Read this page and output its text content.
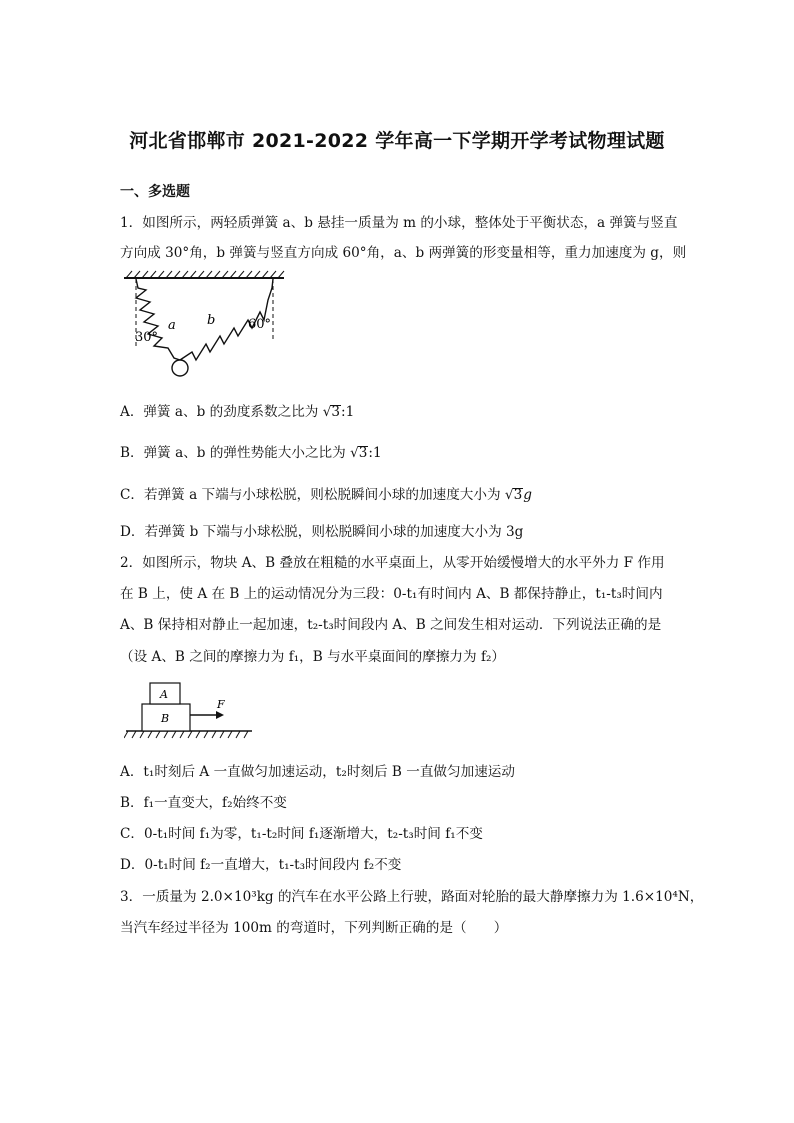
河北省邯郸市 2021-2022 学年高一下学期开学考试物理试题
一、多选题
1．如图所示，两轻质弹簧 a、b 悬挂一质量为 m 的小球，整体处于平衡状态，a 弹簧与竖直
方向成 30°角，b 弹簧与竖直方向成 60°角，a、b 两弹簧的形变量相等，重力加速度为 g，则
a b
30°
60°
A．弹簧 a、b 的劲度系数之比为 √3:1
B．弹簧 a、b 的弹性势能大小之比为 √3:1
C．若弹簧 a 下端与小球松脱，则松脱瞬间小球的加速度大小为 √3g
D．若弹簧 b 下端与小球松脱，则松脱瞬间小球的加速度大小为 3g
2．如图所示，物块 A、B 叠放在粗糙的水平桌面上，从零开始缓慢增大的水平外力 F 作用
在 B 上，使 A 在 B 上的运动情况分为三段：0-t₁有时间内 A、B 都保持静止，t₁-t₃时间内
A、B 保持相对静止一起加速，t₂-t₃时间段内 A、B 之间发生相对运动．下列说法正确的是
（设 A、B 之间的摩擦力为 f₁，B 与水平桌面间的摩擦力为 f₂）
A
B
F
A．t₁时刻后 A 一直做匀加速运动，t₂时刻后 B 一直做匀加速运动
B．f₁一直变大，f₂始终不变
C．0-t₁时间 f₁为零，t₁-t₂时间 f₁逐渐增大，t₂-t₃时间 f₁不变
D．0-t₁时间 f₂一直增大，t₁-t₃时间段内 f₂不变
3．一质量为 2.0×10³kg 的汽车在水平公路上行驶，路面对轮胎的最大静摩擦力为 1.6×10⁴N，
当汽车经过半径为 100m 的弯道时，下列判断正确的是（　　）
